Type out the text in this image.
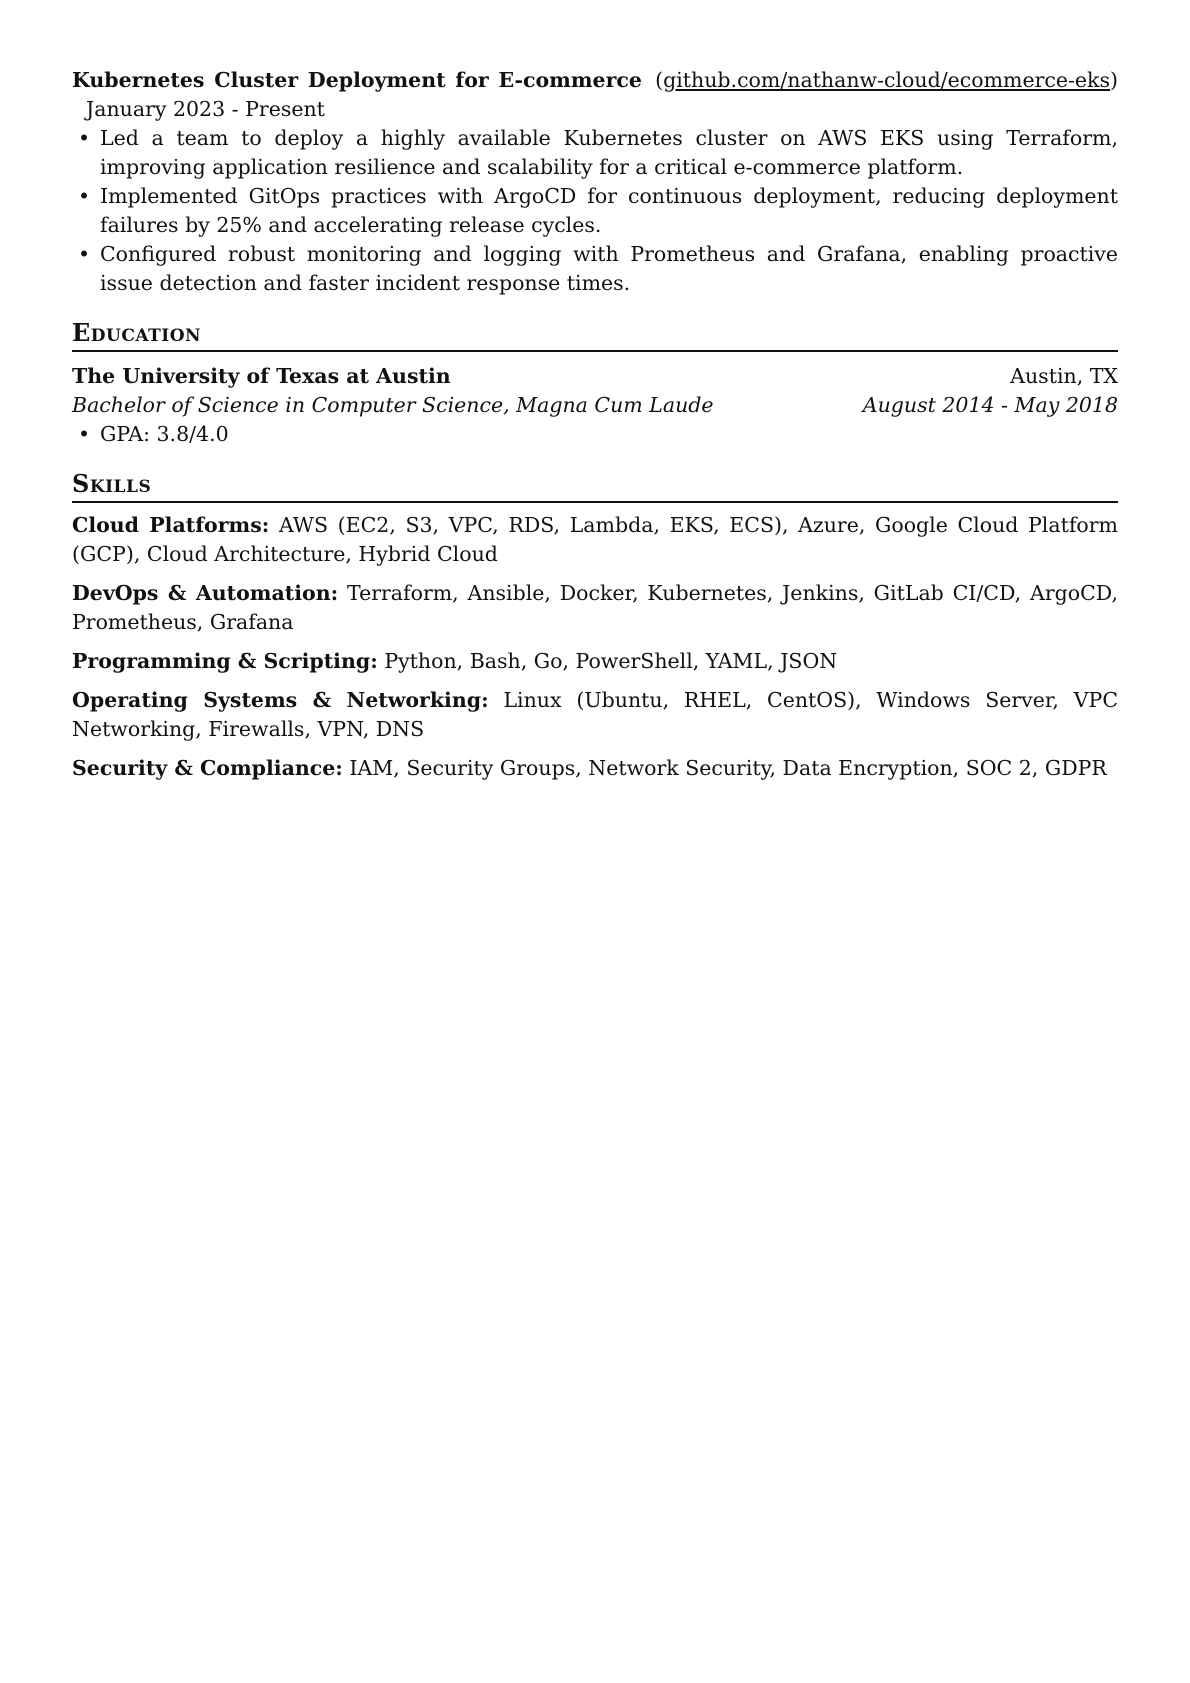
Kubernetes Cluster Deployment for E-commerce (github.com/nathanw-cloud/ecommerce-eks) January 2023 - Present
• Led a team to deploy a highly available Kubernetes cluster on AWS EKS using Terraform, improving application resilience and scalability for a critical e-commerce platform.
• Implemented GitOps practices with ArgoCD for continuous deployment, reducing deployment failures by 25% and accelerating release cycles.
• Configured robust monitoring and logging with Prometheus and Grafana, enabling proactive issue detection and faster incident response times.
Education
The University of Texas at Austin	Austin, TX
Bachelor of Science in Computer Science, Magna Cum Laude	August 2014 - May 2018
• GPA: 3.8/4.0
Skills
Cloud Platforms: AWS (EC2, S3, VPC, RDS, Lambda, EKS, ECS), Azure, Google Cloud Platform (GCP), Cloud Architecture, Hybrid Cloud
DevOps & Automation: Terraform, Ansible, Docker, Kubernetes, Jenkins, GitLab CI/CD, ArgoCD, Prometheus, Grafana
Programming & Scripting: Python, Bash, Go, PowerShell, YAML, JSON
Operating Systems & Networking: Linux (Ubuntu, RHEL, CentOS), Windows Server, VPC Networking, Firewalls, VPN, DNS
Security & Compliance: IAM, Security Groups, Network Security, Data Encryption, SOC 2, GDPR
